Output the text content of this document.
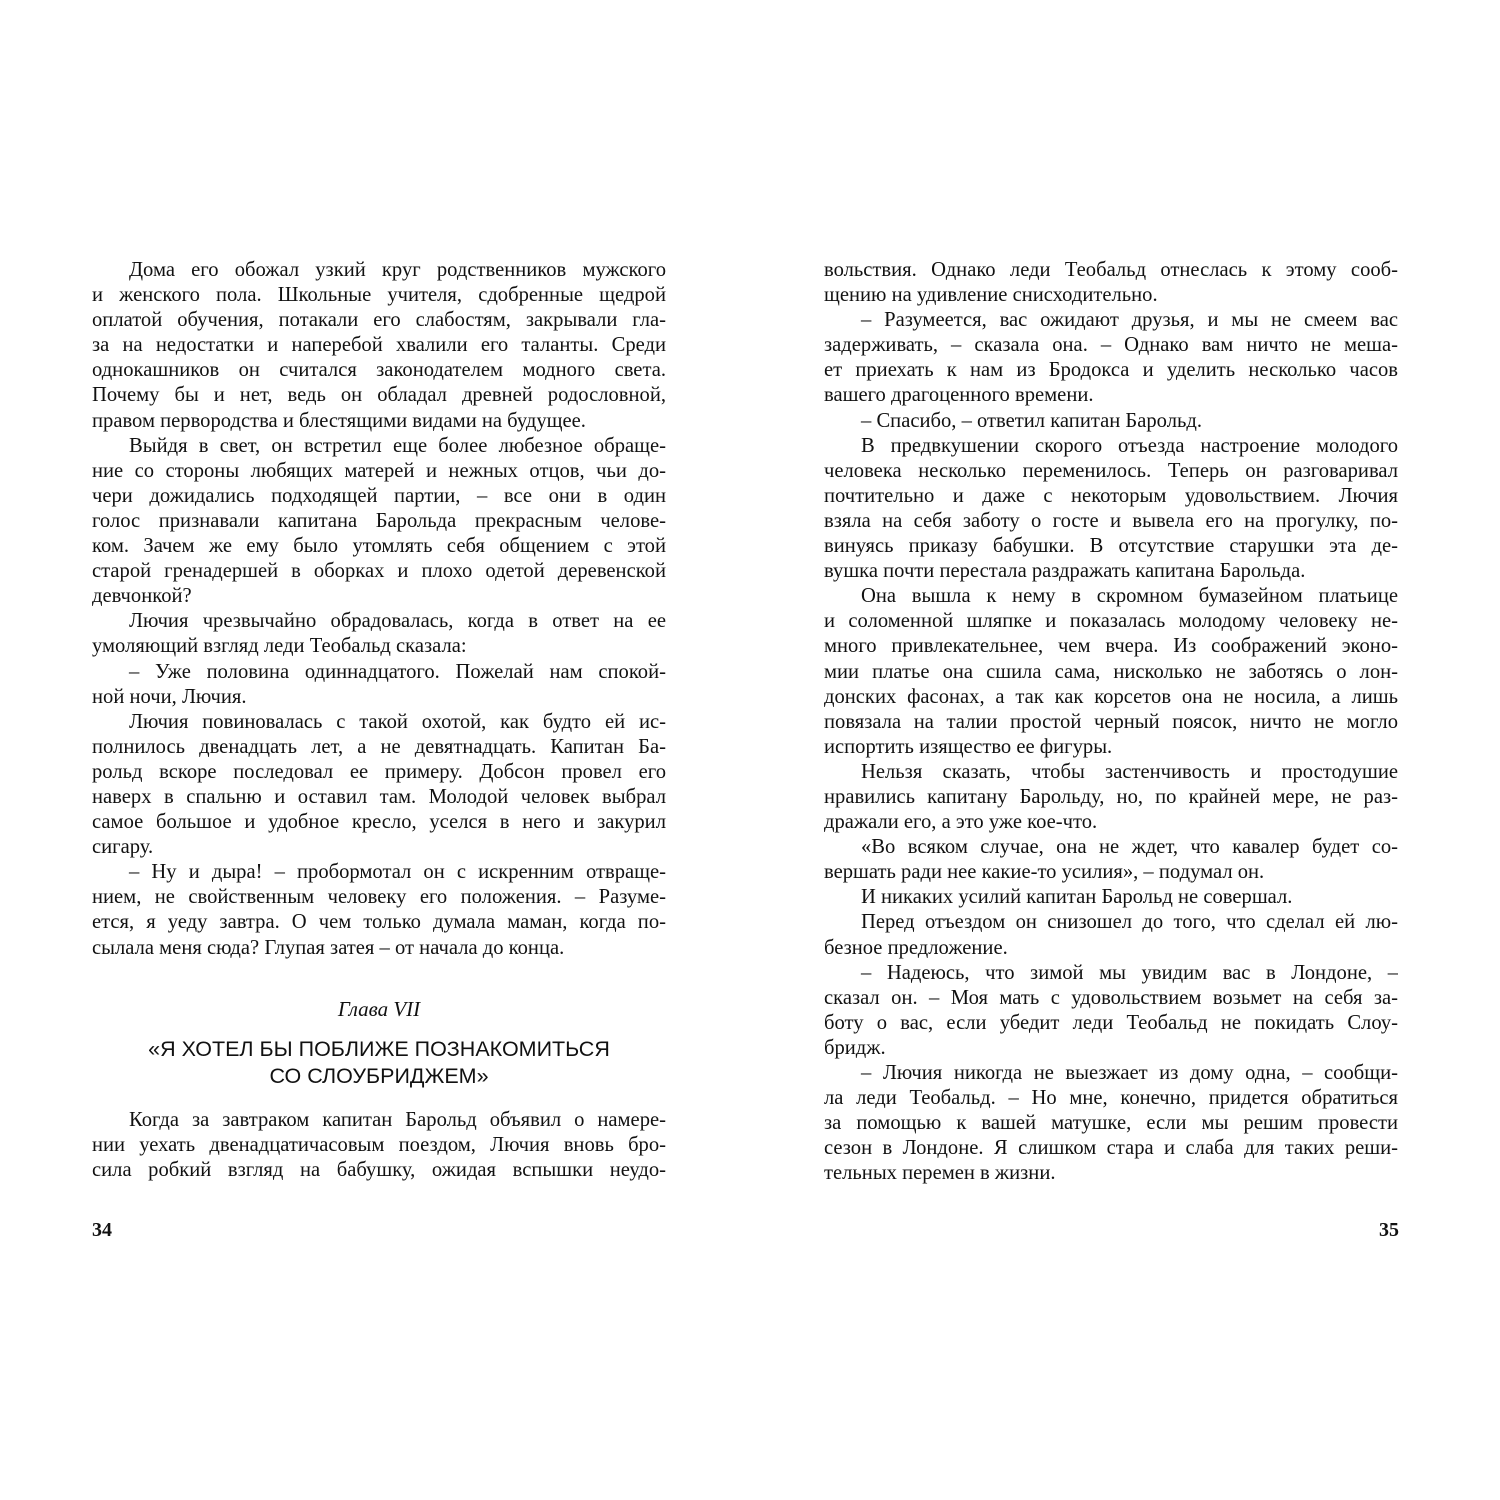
Дома его обожал узкий круг родственников мужского
и женского пола. Школьные учителя, сдобренные щедрой
оплатой обучения, потакали его слабостям, закрывали гла-
за на недостатки и наперебой хвалили его таланты. Среди
однокашников он считался законодателем модного света.
Почему бы и нет, ведь он обладал древней родословной,
правом первородства и блестящими видами на будущее.
Выйдя в свет, он встретил еще более любезное обраще-
ние со стороны любящих матерей и нежных отцов, чьи до-
чери дожидались подходящей партии, – все они в один
голос признавали капитана Барольда прекрасным челове-
ком. Зачем же ему было утомлять себя общением с этой
старой гренадершей в оборках и плохо одетой деревенской
девчонкой?
Лючия чрезвычайно обрадовалась, когда в ответ на ее
умоляющий взгляд леди Теобальд сказала:
– Уже половина одиннадцатого. Пожелай нам спокой-
ной ночи, Лючия.
Лючия повиновалась с такой охотой, как будто ей ис-
полнилось двенадцать лет, а не девятнадцать. Капитан Ба-
рольд вскоре последовал ее примеру. Добсон провел его
наверх в спальню и оставил там. Молодой человек выбрал
самое большое и удобное кресло, уселся в него и закурил
сигару.
– Ну и дыра! – пробормотал он с искренним отвраще-
нием, не свойственным человеку его положения. – Разуме-
ется, я уеду завтра. О чем только думала маман, когда по-
сылала меня сюда? Глупая затея – от начала до конца.
Глава VII
«Я ХОТЕЛ БЫ ПОБЛИЖЕ ПОЗНАКОМИТЬСЯ
СО СЛОУБРИДЖЕМ»
Когда за завтраком капитан Барольд объявил о намере-
нии уехать двенадцатичасовым поездом, Лючия вновь бро-
сила робкий взгляд на бабушку, ожидая вспышки неудо-
вольствия. Однако леди Теобальд отнеслась к этому сооб-
щению на удивление снисходительно.
– Разумеется, вас ожидают друзья, и мы не смеем вас
задерживать, – сказала она. – Однако вам ничто не меша-
ет приехать к нам из Бродокса и уделить несколько часов
вашего драгоценного времени.
– Спасибо, – ответил капитан Барольд.
В предвкушении скорого отъезда настроение молодого
человека несколько переменилось. Теперь он разговаривал
почтительно и даже с некоторым удовольствием. Лючия
взяла на себя заботу о госте и вывела его на прогулку, по-
винуясь приказу бабушки. В отсутствие старушки эта де-
вушка почти перестала раздражать капитана Барольда.
Она вышла к нему в скромном бумазейном платьице
и соломенной шляпке и показалась молодому человеку не-
много привлекательнее, чем вчера. Из соображений эконо-
мии платье она сшила сама, нисколько не заботясь о лон-
донских фасонах, а так как корсетов она не носила, а лишь
повязала на талии простой черный поясок, ничто не могло
испортить изящество ее фигуры.
Нельзя сказать, чтобы застенчивость и простодушие
нравились капитану Барольду, но, по крайней мере, не раз-
дражали его, а это уже кое-что.
«Во всяком случае, она не ждет, что кавалер будет со-
вершать ради нее какие-то усилия», – подумал он.
И никаких усилий капитан Барольд не совершал.
Перед отъездом он снизошел до того, что сделал ей лю-
безное предложение.
– Надеюсь, что зимой мы увидим вас в Лондоне, –
сказал он. – Моя мать с удовольствием возьмет на себя за-
боту о вас, если убедит леди Теобальд не покидать Слоу-
бридж.
– Лючия никогда не выезжает из дому одна, – сообщи-
ла леди Теобальд. – Но мне, конечно, придется обратиться
за помощью к вашей матушке, если мы решим провести
сезон в Лондоне. Я слишком стара и слаба для таких реши-
тельных перемен в жизни.
34	35
